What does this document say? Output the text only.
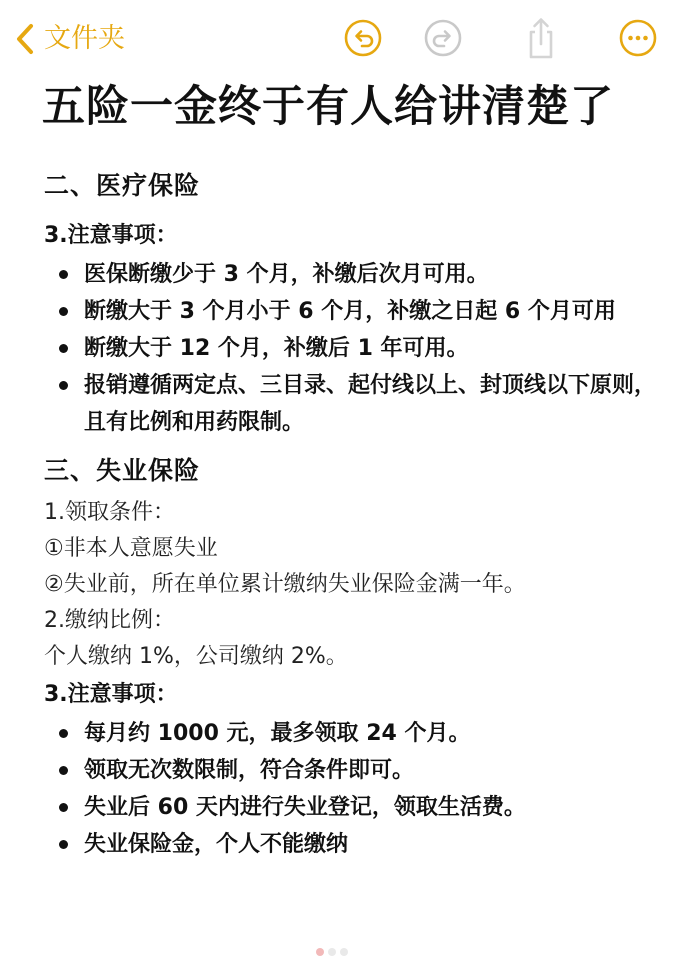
文件夹
五险一金终于有人给讲清楚了
二、医疗保险
3.注意事项：
医保断缴少于 3 个月，补缴后次月可用。
断缴大于 3 个月小于 6 个月，补缴之日起 6 个月可用
断缴大于 12 个月，补缴后 1 年可用。
报销遵循两定点、三目录、起付线以上、封顶线以下原则，且有比例和用药限制。
三、失业保险
1.领取条件：
①非本人意愿失业
②失业前，所在单位累计缴纳失业保险金满一年。
2.缴纳比例：
个人缴纳 1%，公司缴纳 2%。
3.注意事项：
每月约 1000 元，最多领取 24 个月。
领取无次数限制，符合条件即可。
失业后 60 天内进行失业登记，领取生活费。
失业保险金，个人不能缴纳
